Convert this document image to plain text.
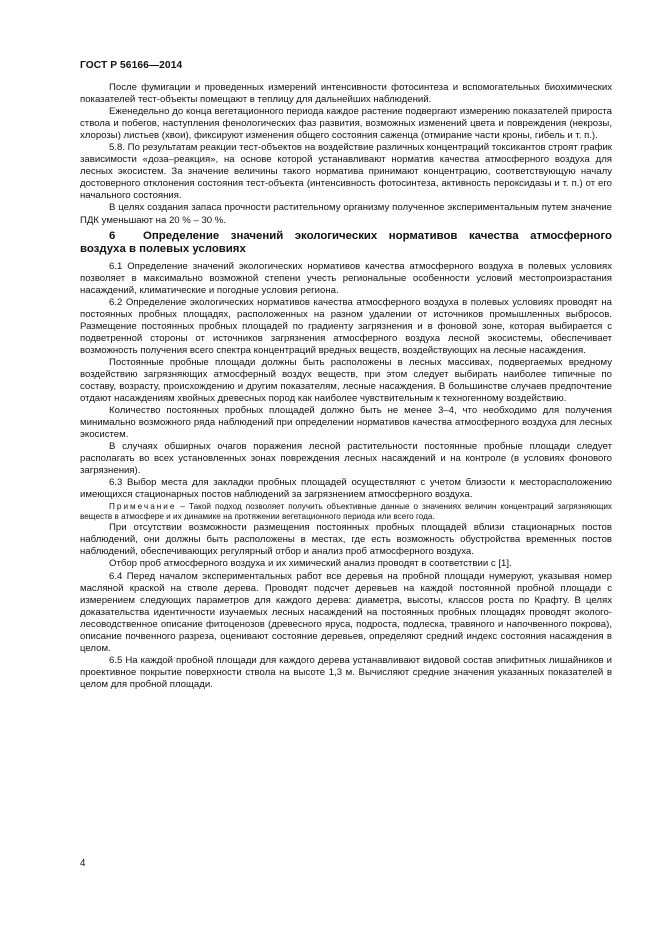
ГОСТ Р 56166—2014

После фумигации и проведенных измерений интенсивности фотосинтеза и вспомогательных биохимических показателей тест-объекты помещают в теплицу для дальнейших наблюдений.

Еженедельно до конца вегетационного периода каждое растение подвергают измерению показателей прироста ствола и побегов, наступления фенологических фаз развития, возможных изменений цвета и повреждения (некрозы, хлорозы) листьев (хвои), фиксируют изменения общего состояния саженца (отмирание части кроны, гибель и т. п.).

5.8. По результатам реакции тест-объектов на воздействие различных концентраций токсикантов строят график зависимости «доза–реакция», на основе которой устанавливают норматив качества атмосферного воздуха для лесных экосистем. За значение величины такого норматива принимают концентрацию, соответствующую началу достоверного отклонения состояния тест-объекта (интенсивность фотосинтеза, активность пероксидазы и т. п.) от его начального состояния.

В целях создания запаса прочности растительному организму полученное экспериментальным путем значение ПДК уменьшают на 20 % – 30 %.

6 Определение значений экологических нормативов качества атмосферного воздуха в полевых условиях

6.1 Определение значений экологических нормативов качества атмосферного воздуха в полевых условиях позволяет в максимально возможной степени учесть региональные особенности условий местопроизрастания насаждений, климатические и погодные условия региона.

6.2 Определение экологических нормативов качества атмосферного воздуха в полевых условиях проводят на постоянных пробных площадях, расположенных на разном удалении от источников промышленных выбросов. Размещение постоянных пробных площадей по градиенту загрязнения и в фоновой зоне, которая выбирается с подветренной стороны от источников загрязнения атмосферного воздуха лесной экосистемы, обеспечивает возможность получения всего спектра концентраций вредных веществ, воздействующих на лесные насаждения.

Постоянные пробные площади должны быть расположены в лесных массивах, подвергаемых вредному воздействию загрязняющих атмосферный воздух веществ, при этом следует выбирать наиболее типичные по составу, возрасту, происхождению и другим показателям, лесные насаждения. В большинстве случаев предпочтение отдают насаждениям хвойных древесных пород как наиболее чувствительным к техногенному воздействию.

Количество постоянных пробных площадей должно быть не менее 3–4, что необходимо для получения минимально возможного ряда наблюдений при определении нормативов качества атмосферного воздуха для лесных экосистем.

В случаях обширных очагов поражения лесной растительности постоянные пробные площади следует располагать во всех установленных зонах повреждения лесных насаждений и на контроле (в условиях фонового загрязнения).

6.3 Выбор места для закладки пробных площадей осуществляют с учетом близости к месторасположению имеющихся стационарных постов наблюдений за загрязнением атмосферного воздуха.

Примечание – Такой подход позволяет получить объективные данные о значениях величин концентраций загрязняющих веществ в атмосфере и их динамике на протяжении вегетационного периода или всего года.

При отсутствии возможности размещения постоянных пробных площадей вблизи стационарных постов наблюдений, они должны быть расположены в местах, где есть возможность обустройства временных постов наблюдений, обеспечивающих регулярный отбор и анализ проб атмосферного воздуха.

Отбор проб атмосферного воздуха и их химический анализ проводят в соответствии с [1].

6.4 Перед началом экспериментальных работ все деревья на пробной площади нумеруют, указывая номер масляной краской на стволе дерева. Проводят подсчет деревьев на каждой постоянной пробной площади с измерением следующих параметров для каждого дерева: диаметра, высоты, классов роста по Крафту. В целях доказательства идентичности изучаемых лесных насаждений на постоянных пробных площадях проводят эколого- лесоводственное описание фитоценозов (древесного яруса, подроста, подлеска, травяного и напочвенного покрова), описание почвенного разреза, оценивают состояние деревьев, определяют средний индекс состояния насаждения в целом.

6.5 На каждой пробной площади для каждого дерева устанавливают видовой состав эпифитных лишайников и проективное покрытие поверхности ствола на высоте 1,3 м. Вычисляют средние значения указанных показателей в целом для пробной площади.

4
